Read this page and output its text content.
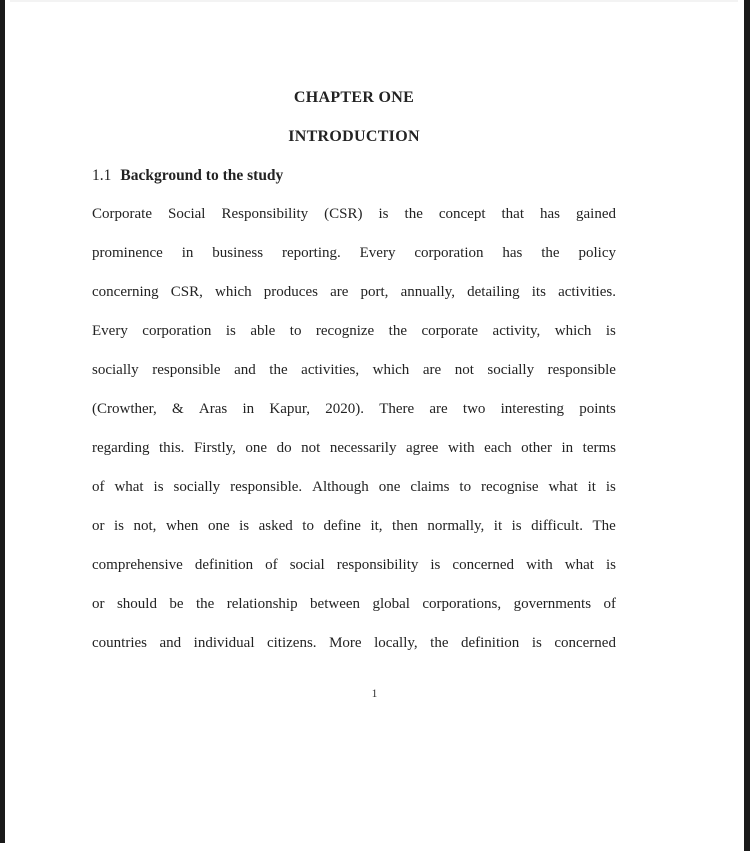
CHAPTER ONE
INTRODUCTION
1.1 Background to the study
Corporate Social Responsibility (CSR) is the concept that has gained
prominence in business reporting. Every corporation has the policy
concerning CSR, which produces are port, annually, detailing its activities.
Every corporation is able to recognize the corporate activity, which is
socially responsible and the activities, which are not socially responsible
(Crowther, & Aras in Kapur, 2020). There are two interesting points
regarding this. Firstly, one do not necessarily agree with each other in terms
of what is socially responsible. Although one claims to recognise what it is
or is not, when one is asked to define it, then normally, it is difficult. The
comprehensive definition of social responsibility is concerned with what is
or should be the relationship between global corporations, governments of
countries and individual citizens. More locally, the definition is concerned
1
